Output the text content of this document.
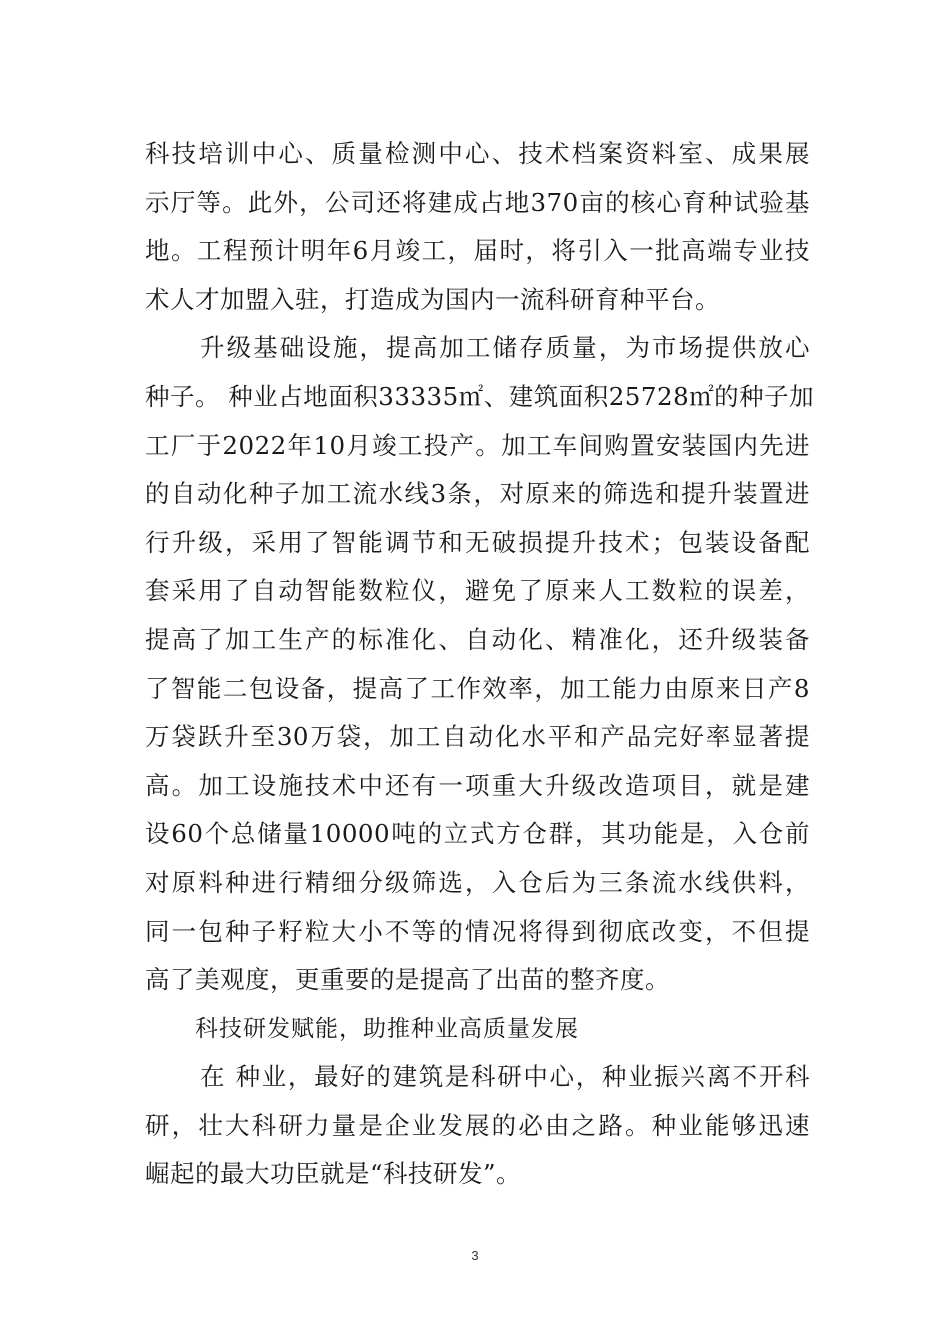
科技培训中心、质量检测中心、技术档案资料室、成果展
示厅等。此外，公司还将建成占地370亩的核心育种试验基
地。工程预计明年6月竣工，届时，将引入一批高端专业技
术人才加盟入驻，打造成为国内一流科研育种平台。
升级基础设施，提高加工储存质量，为市场提供放心
种子。 种业占地面积33335㎡、建筑面积25728㎡的种子加
工厂于2022年10月竣工投产。加工车间购置安装国内先进
的自动化种子加工流水线3条，对原来的筛选和提升装置进
行升级，采用了智能调节和无破损提升技术；包装设备配
套采用了自动智能数粒仪，避免了原来人工数粒的误差，
提高了加工生产的标准化、自动化、精准化，还升级装备
了智能二包设备，提高了工作效率，加工能力由原来日产8
万袋跃升至30万袋，加工自动化水平和产品完好率显著提
高。加工设施技术中还有一项重大升级改造项目，就是建
设60个总储量10000吨的立式方仓群，其功能是，入仓前
对原料种进行精细分级筛选，入仓后为三条流水线供料，
同一包种子籽粒大小不等的情况将得到彻底改变，不但提
高了美观度，更重要的是提高了出苗的整齐度。
科技研发赋能，助推种业高质量发展
在 种业，最好的建筑是科研中心，种业振兴离不开科
研，壮大科研力量是企业发展的必由之路。种业能够迅速
崛起的最大功臣就是“科技研发”。
3
